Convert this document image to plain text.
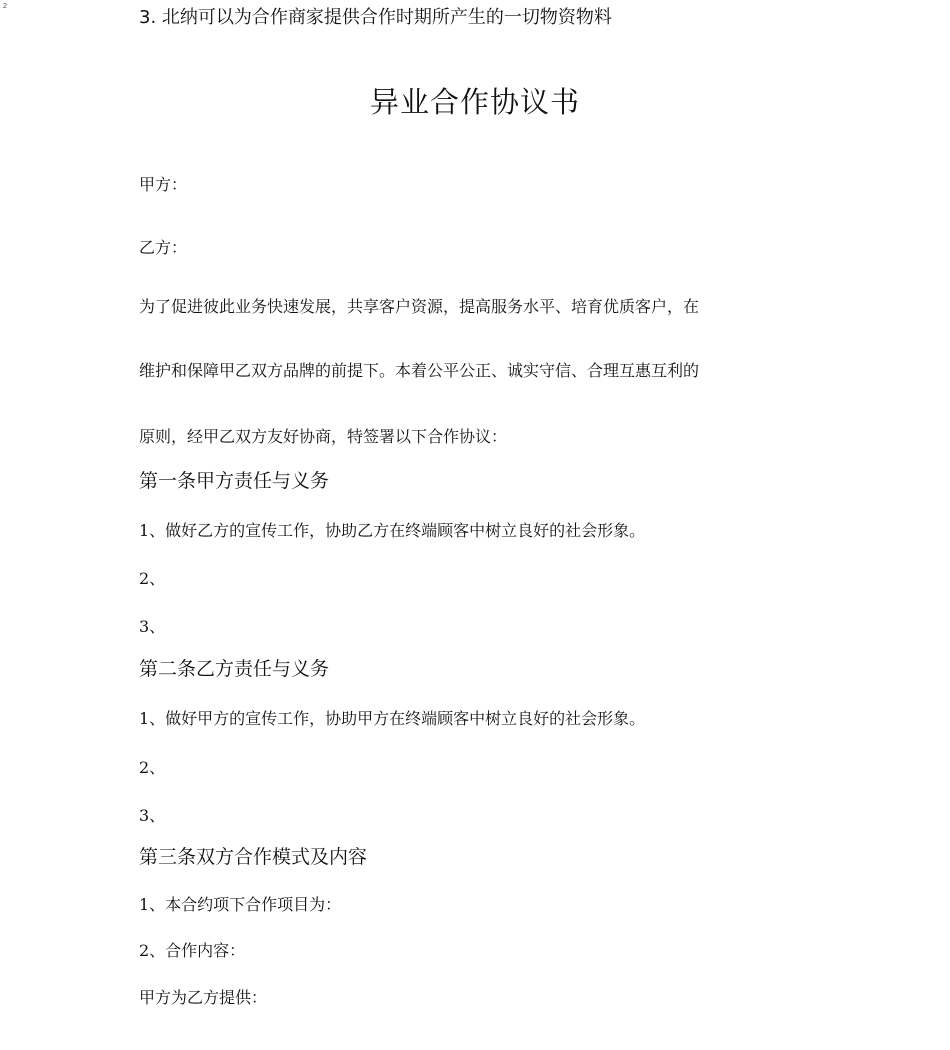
2
3. 北纳可以为合作商家提供合作时期所产生的一切物资物料
异业合作协议书
甲方：
乙方：
为了促进彼此业务快速发展，共享客户资源，提高服务水平、培育优质客户，在
维护和保障甲乙双方品牌的前提下。本着公平公正、诚实守信、合理互惠互利的
原则，经甲乙双方友好协商，特签署以下合作协议：
第一条甲方责任与义务
1、做好乙方的宣传工作，协助乙方在终端顾客中树立良好的社会形象。
2、
3、
第二条乙方责任与义务
1、做好甲方的宣传工作，协助甲方在终端顾客中树立良好的社会形象。
2、
3、
第三条双方合作模式及内容
1、本合约项下合作项目为：
2、合作内容：
甲方为乙方提供：
